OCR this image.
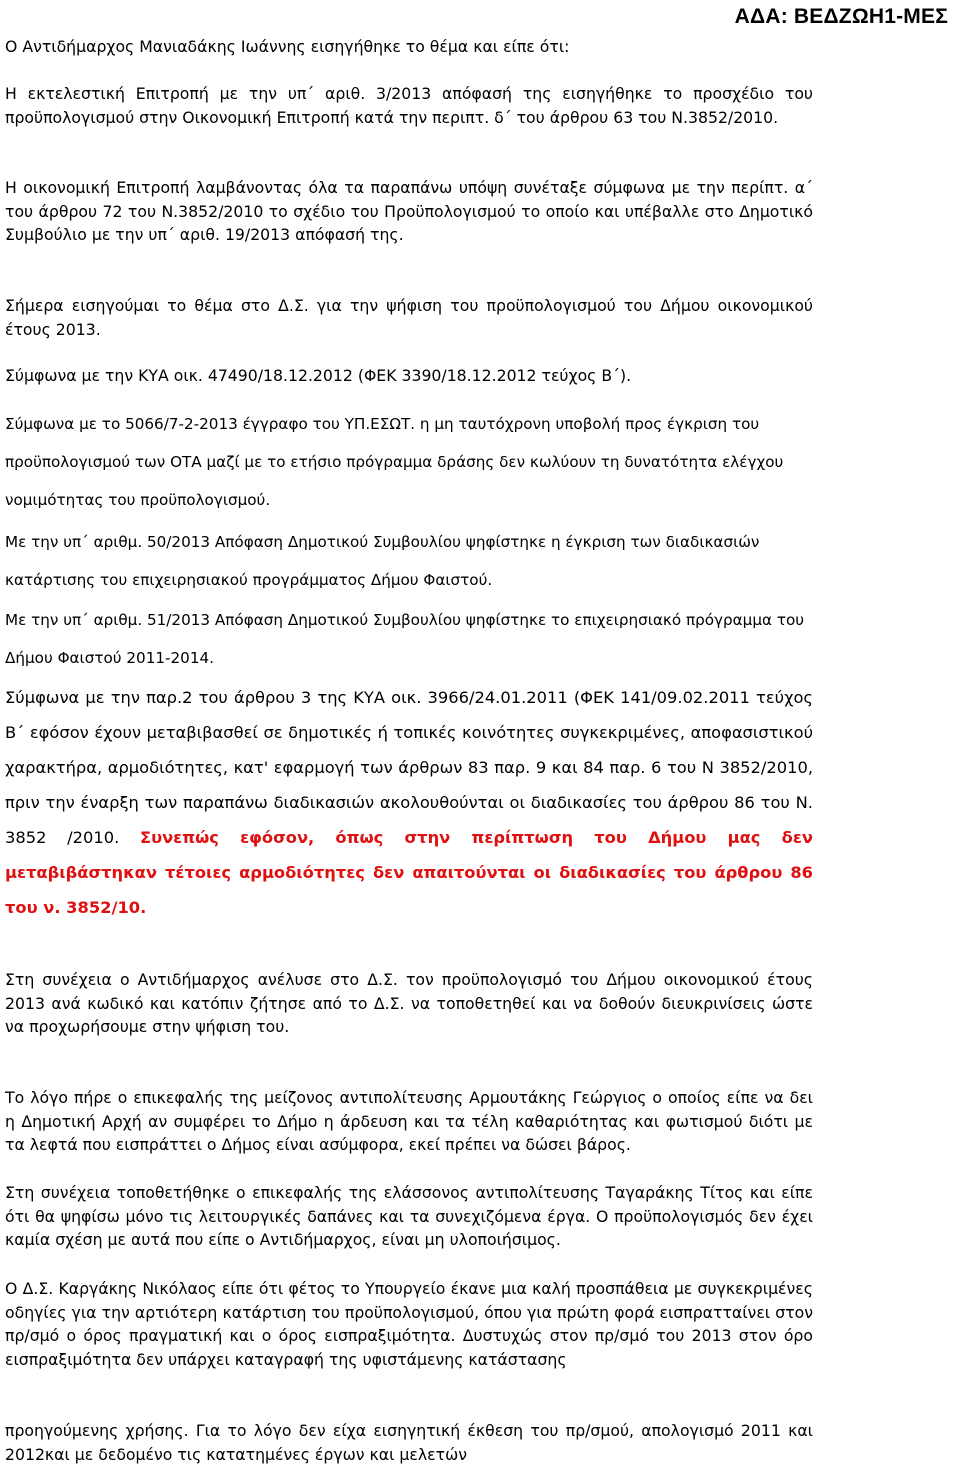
ΑΔΑ: ΒΕΔΖΩΗ1-ΜΕΣ

Ο Αντιδήμαρχος Μανιαδάκης Ιωάννης εισηγήθηκε το θέμα και είπε ότι:

Η εκτελεστική Επιτροπή με την υπ΄ αριθ. 3/2013 απόφασή της εισηγήθηκε το προσχέδιο του προϋπολογισμού στην Οικονομική Επιτροπή κατά την περιπτ. δ΄ του άρθρου 63 του Ν.3852/2010.

Η οικονομική Επιτροπή λαμβάνοντας όλα τα παραπάνω υπόψη συνέταξε σύμφωνα με την περίπτ. α΄ του άρθρου 72 του Ν.3852/2010 το σχέδιο του Προϋπολογισμού το οποίο και υπέβαλλε στο Δημοτικό Συμβούλιο με την υπ΄ αριθ. 19/2013 απόφασή της.

Σήμερα εισηγούμαι το θέμα στο Δ.Σ. για την ψήφιση του προϋπολογισμού του Δήμου οικονομικού έτους 2013.

Σύμφωνα με την ΚΥΑ οικ. 47490/18.12.2012 (ΦΕΚ 3390/18.12.2012 τεύχος Β΄).

Σύμφωνα με το 5066/7-2-2013 έγγραφο του ΥΠ.ΕΣΩΤ. η μη ταυτόχρονη υποβολή προς έγκριση του προϋπολογισμού των ΟΤΑ μαζί με το ετήσιο πρόγραμμα δράσης δεν κωλύουν τη δυνατότητα ελέγχου νομιμότητας του προϋπολογισμού.

Με την υπ΄ αριθμ. 50/2013 Απόφαση Δημοτικού Συμβουλίου ψηφίστηκε η έγκριση των διαδικασιών κατάρτισης του επιχειρησιακού προγράμματος Δήμου Φαιστού.

Με την υπ΄ αριθμ. 51/2013 Απόφαση Δημοτικού Συμβουλίου ψηφίστηκε το επιχειρησιακό πρόγραμμα του Δήμου Φαιστού 2011-2014.

Σύμφωνα με την παρ.2 του άρθρου 3 της ΚΥΑ οικ. 3966/24.01.2011 (ΦΕΚ 141/09.02.2011 τεύχος Β΄ εφόσον έχουν μεταβιβασθεί σε δημοτικές ή τοπικές κοινότητες συγκεκριμένες, αποφασιστικού χαρακτήρα, αρμοδιότητες, κατ' εφαρμογή των άρθρων 83 παρ. 9 και 84 παρ. 6 του Ν 3852/2010, πριν την έναρξη των παραπάνω διαδικασιών ακολουθούνται οι διαδικασίες του άρθρου 86 του Ν. 3852 /2010. Συνεπώς εφόσον, όπως στην περίπτωση του Δήμου μας δεν μεταβιβάστηκαν τέτοιες αρμοδιότητες δεν απαιτούνται οι διαδικασίες του άρθρου 86 του ν. 3852/10.

Στη συνέχεια ο Αντιδήμαρχος ανέλυσε στο Δ.Σ. τον προϋπολογισμό του Δήμου οικονομικού έτους 2013 ανά κωδικό και κατόπιν ζήτησε από το Δ.Σ. να τοποθετηθεί και να δοθούν διευκρινίσεις ώστε να προχωρήσουμε στην ψήφιση του.

Το λόγο πήρε ο επικεφαλής της μείζονος αντιπολίτευσης Αρμουτάκης Γεώργιος ο οποίος είπε να δει η Δημοτική Αρχή αν συμφέρει το Δήμο η άρδευση και τα τέλη καθαριότητας και φωτισμού διότι με τα λεφτά που εισπράττει ο Δήμος είναι ασύμφορα, εκεί πρέπει να δώσει βάρος.

Στη συνέχεια τοποθετήθηκε ο επικεφαλής της ελάσσονος αντιπολίτευσης Ταγαράκης Τίτος και είπε ότι θα ψηφίσω μόνο τις λειτουργικές δαπάνες και τα συνεχιζόμενα έργα. Ο προϋπολογισμός δεν έχει καμία σχέση με αυτά που είπε ο Αντιδήμαρχος, είναι μη υλοποιήσιμος.

Ο Δ.Σ. Καργάκης Νικόλαος είπε ότι φέτος το Υπουργείο έκανε μια καλή προσπάθεια με συγκεκριμένες οδηγίες για την αρτιότερη κατάρτιση του προϋπολογισμού, όπου για πρώτη φορά εισπρατταίνει στον πρ/σμό ο όρος πραγματική και ο όρος εισπραξιμότητα. Δυστυχώς στον πρ/σμό του 2013 στον όρο εισπραξιμότητα δεν υπάρχει καταγραφή της υφιστάμενης κατάστασης

προηγούμενης χρήσης. Για το λόγο δεν είχα εισηγητική έκθεση του πρ/σμού, απολογισμό 2011 και 2012και με δεδομένο τις κατατημένες έργων και μελετών
